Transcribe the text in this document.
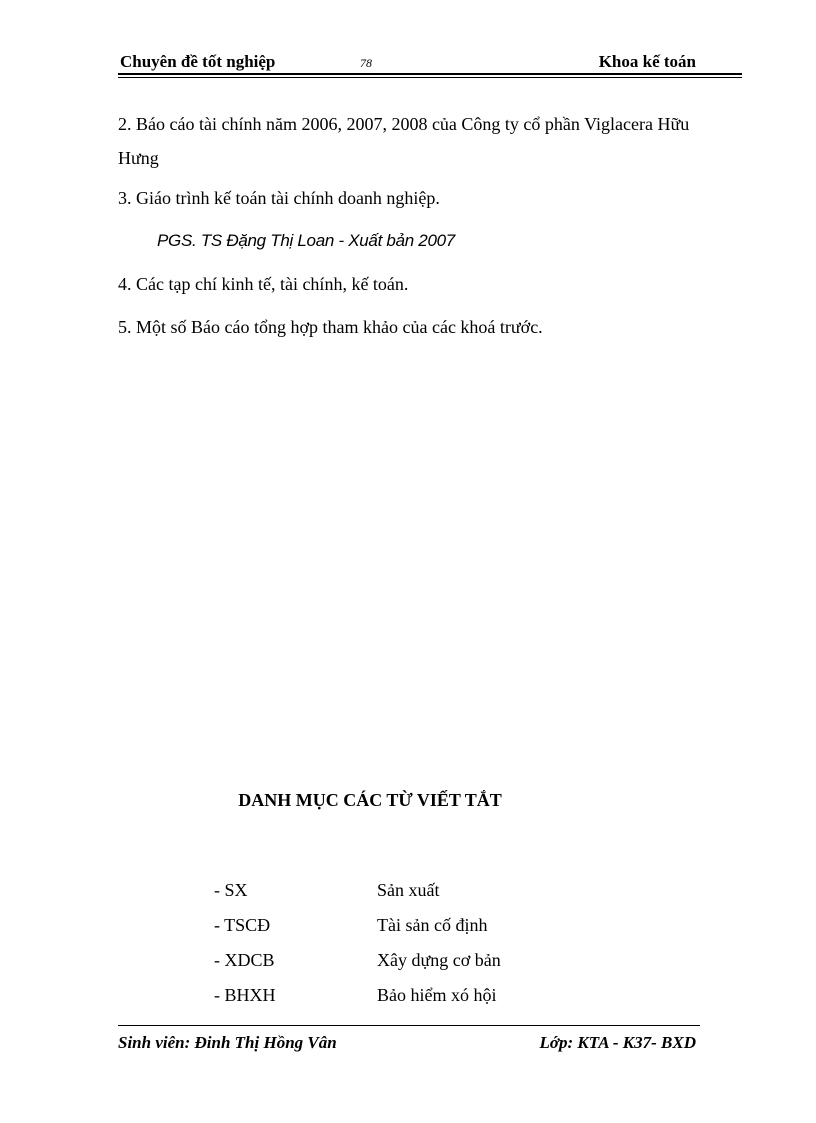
Chuyên đề tốt nghiệp	78	Khoa kế toán
2. Báo cáo tài chính năm 2006, 2007, 2008 của Công ty cổ phần Viglacera Hữu Hưng
3. Giáo trình kế toán tài chính doanh nghiệp.
PGS. TS Đặng Thị Loan - Xuất bản 2007
4. Các tạp chí kinh tế, tài chính, kế toán.
5. Một số Báo cáo tổng hợp tham khảo của các khoá trước.
DANH MỤC CÁC TỪ VIẾT TẮT
- SX	Sản xuất
- TSCĐ	Tài sản cố định
- XDCB	Xây dựng cơ bản
- BHXH	Bảo hiểm xó hội
Sinh viên: Đinh Thị Hồng Vân	Lớp: KTA - K37- BXD
